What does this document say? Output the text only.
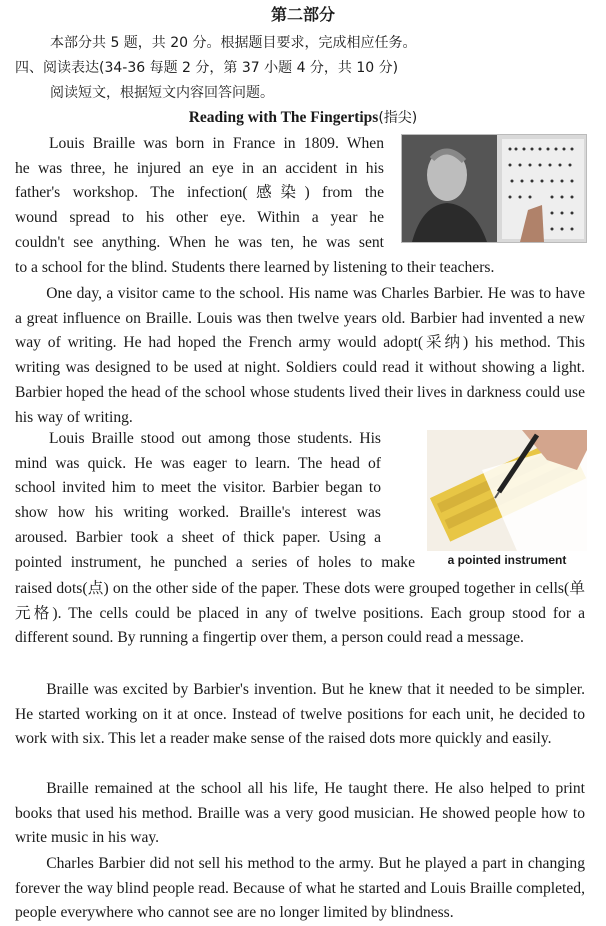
第二部分
本部分共 5 题，共 20 分。根据题目要求，完成相应任务。
四、阅读表达(34-36 每题 2 分，第 37 小题 4 分，共 10 分)
阅读短文，根据短文内容回答问题。
Reading with The Fingertips(指尖)
Louis Braille was born in France in 1809. When
he was three, he injured an eye in an accident in his
father's workshop. The infection(感染) from the
wound spread to his other eye. Within a year he
couldn't see anything. When he was ten, he was sent
to a school for the blind. Students there learned by listening to their teachers.

One day, a visitor came to the school. His name was Charles Barbier. He was to have a great influence on Braille. Louis was then twelve years old. Barbier had invented a new way of writing. He had hoped the French army would adopt(采纳) his method. This writing was designed to be used at night. Soldiers could read it without showing a light. Barbier hoped the head of the school whose students lived their lives in darkness could use his way of writing.

Louis Braille stood out among those students. His
mind was quick. He was eager to learn. The head of
school invited him to meet the visitor. Barbier began to
show how his writing worked. Braille's interest was
aroused. Barbier took a sheet of thick paper. Using a
pointed instrument, he punched a series of holes to make	a pointed instrument

raised dots(点) on the other side of the paper. These dots were grouped together in cells(单元格). The cells could be placed in any of twelve positions. Each group stood for a different sound. By running a fingertip over them, a person could read a message.

Braille was excited by Barbier's invention. But he knew that it needed to be simpler. He started working on it at once. Instead of twelve positions for each unit, he decided to work with six. This let a reader make sense of the raised dots more quickly and easily.

Braille remained at the school all his life, He taught there. He also helped to print books that used his method. Braille was a very good musician. He showed people how to write music in his way.

Charles Barbier did not sell his method to the army. But he played a part in changing forever the way blind people read. Because of what he started and Louis Braille completed, people everywhere who cannot see are no longer limited by blindness.
